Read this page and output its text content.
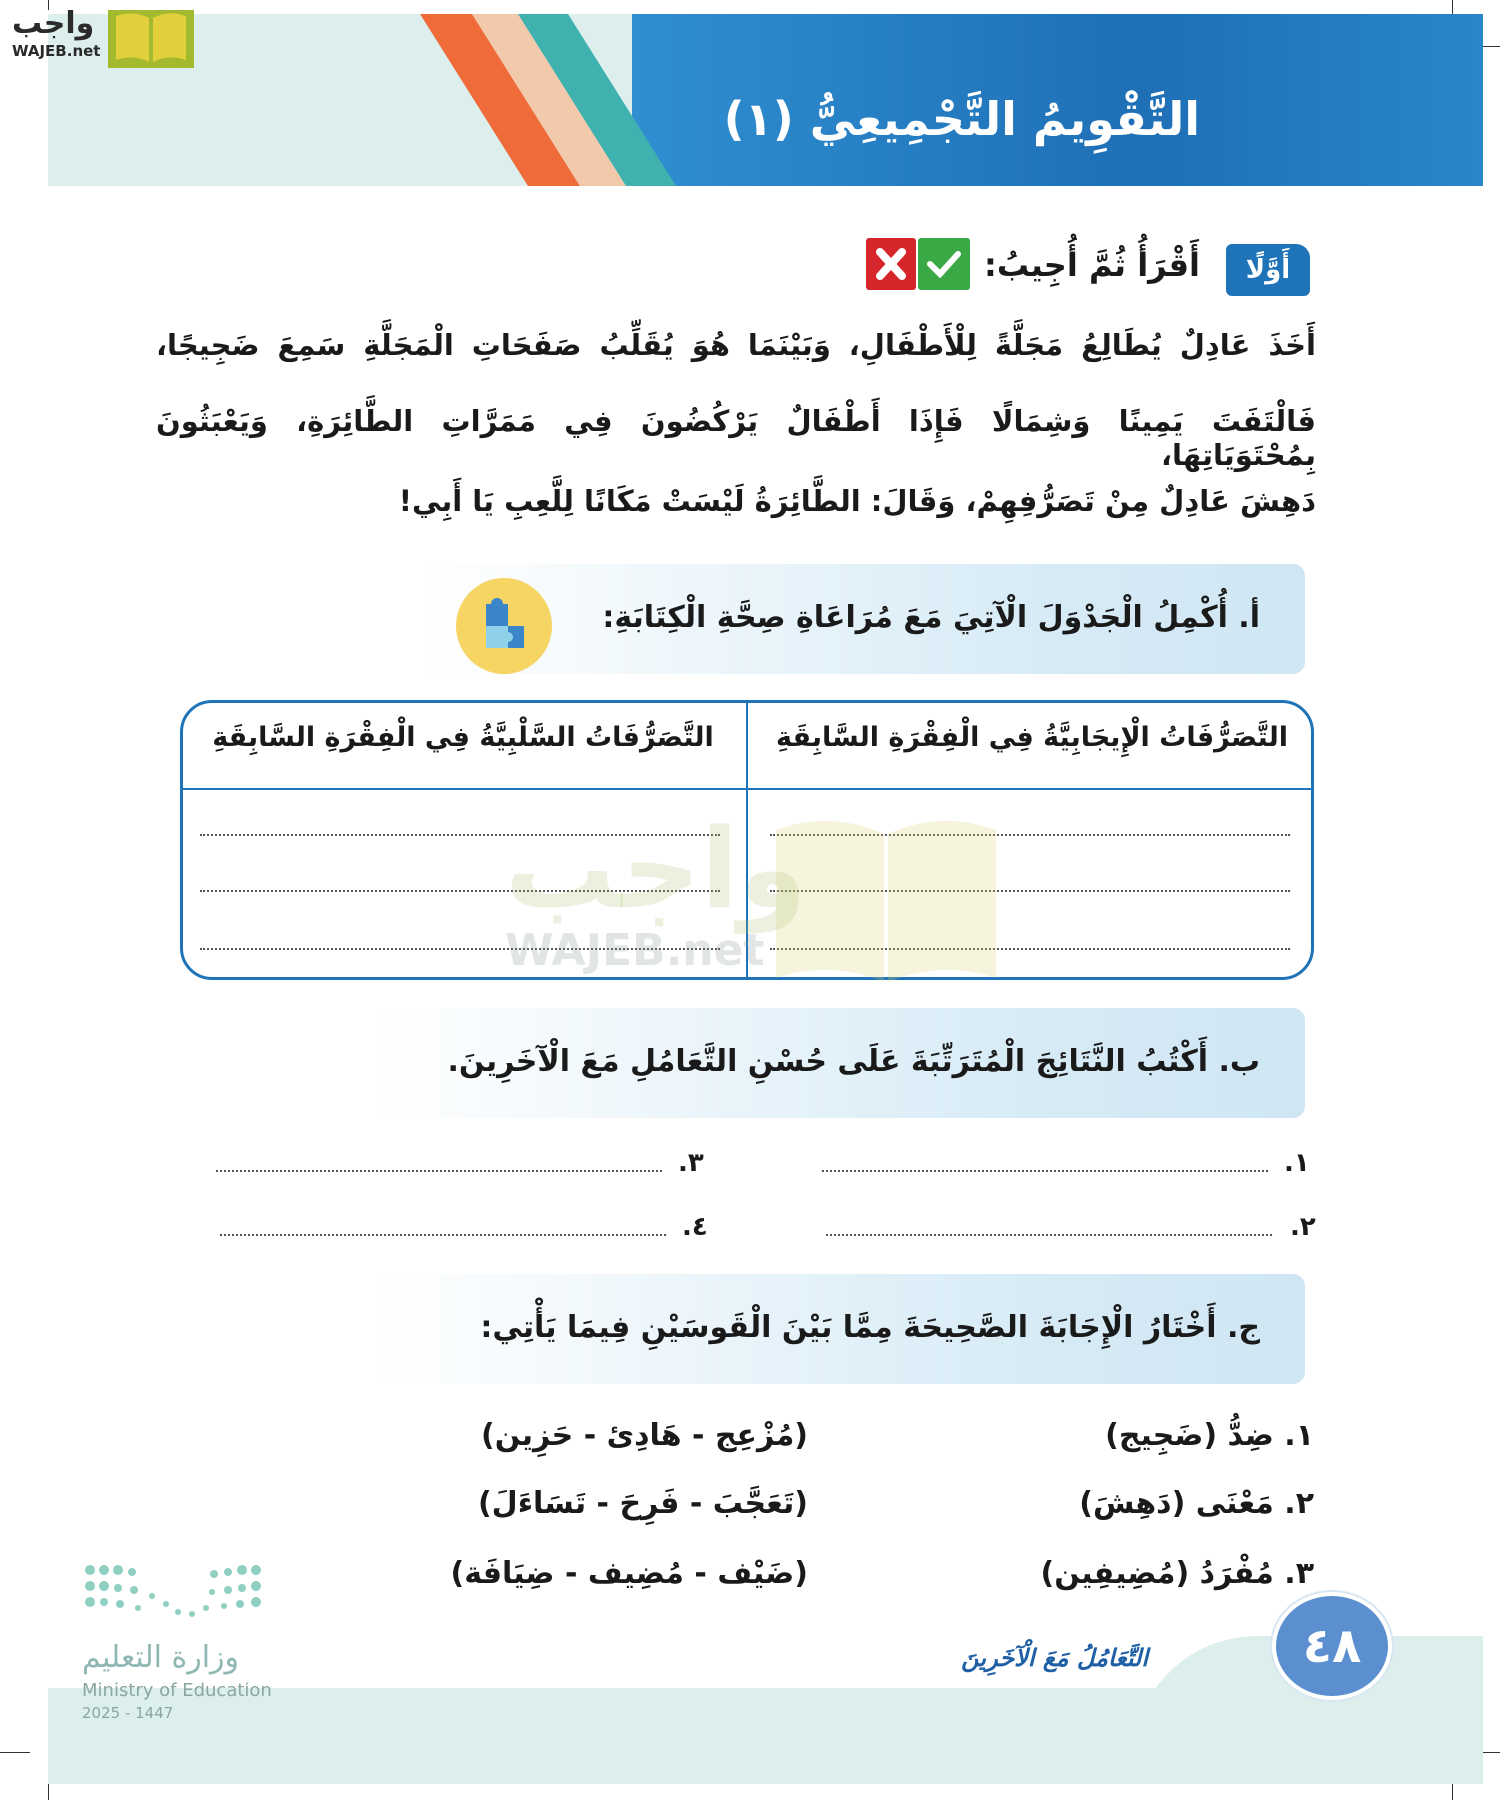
التَّقْوِيمُ التَّجْمِيعِيُّ (١)
واجب
WAJEB.net
أَوَّلًا
أَقْرَأُ ثُمَّ أُجِيبُ:
أَخَذَ عَادِلٌ يُطَالِعُ مَجَلَّةً لِلْأَطْفَالِ، وَبَيْنَمَا هُوَ يُقَلِّبُ صَفَحَاتِ الْمَجَلَّةِ سَمِعَ ضَجِيجًا،
فَالْتَفَتَ يَمِينًا وَشِمَالًا فَإِذَا أَطْفَالٌ يَرْكُضُونَ فِي مَمَرَّاتِ الطَّائِرَةِ، وَيَعْبَثُونَ بِمُحْتَوَيَاتِهَا،
دَهِشَ عَادِلٌ مِنْ تَصَرُّفِهِمْ، وَقَالَ: الطَّائِرَةُ لَيْسَتْ مَكَانًا لِلَّعِبِ يَا أَبِي!
أ. أُكْمِلُ الْجَدْوَلَ الْآتِيَ مَعَ مُرَاعَاةِ صِحَّةِ الْكِتَابَةِ:
التَّصَرُّفَاتُ الْإِيجَابِيَّةُ فِي الْفِقْرَةِ السَّابِقَةِ
التَّصَرُّفَاتُ السَّلْبِيَّةُ فِي الْفِقْرَةِ السَّابِقَةِ
واجب
WAJEB.net
ب. أَكْتُبُ النَّتَائِجَ الْمُتَرَتِّبَةَ عَلَى حُسْنِ التَّعَامُلِ مَعَ الْآخَرِينَ.
١.
٢.
٣.
٤.
ج. أَخْتَارُ الْإِجَابَةَ الصَّحِيحَةَ مِمَّا بَيْنَ الْقَوسَيْنِ فِيمَا يَأْتِي:
١. ضِدُّ (ضَجِيج)
(مُزْعِج - هَادِئ - حَزِين)
٢. مَعْنَى (دَهِشَ)
(تَعَجَّبَ - فَرِحَ - تَسَاءَلَ)
٣. مُفْرَدُ (مُضِيفِين)
(ضَيْف - مُضِيف - ضِيَافَة)
٤٨
التَّعَامُلُ مَعَ الْآخَرِينَ
وزارة التعليم
Ministry of Education
2025 - 1447
